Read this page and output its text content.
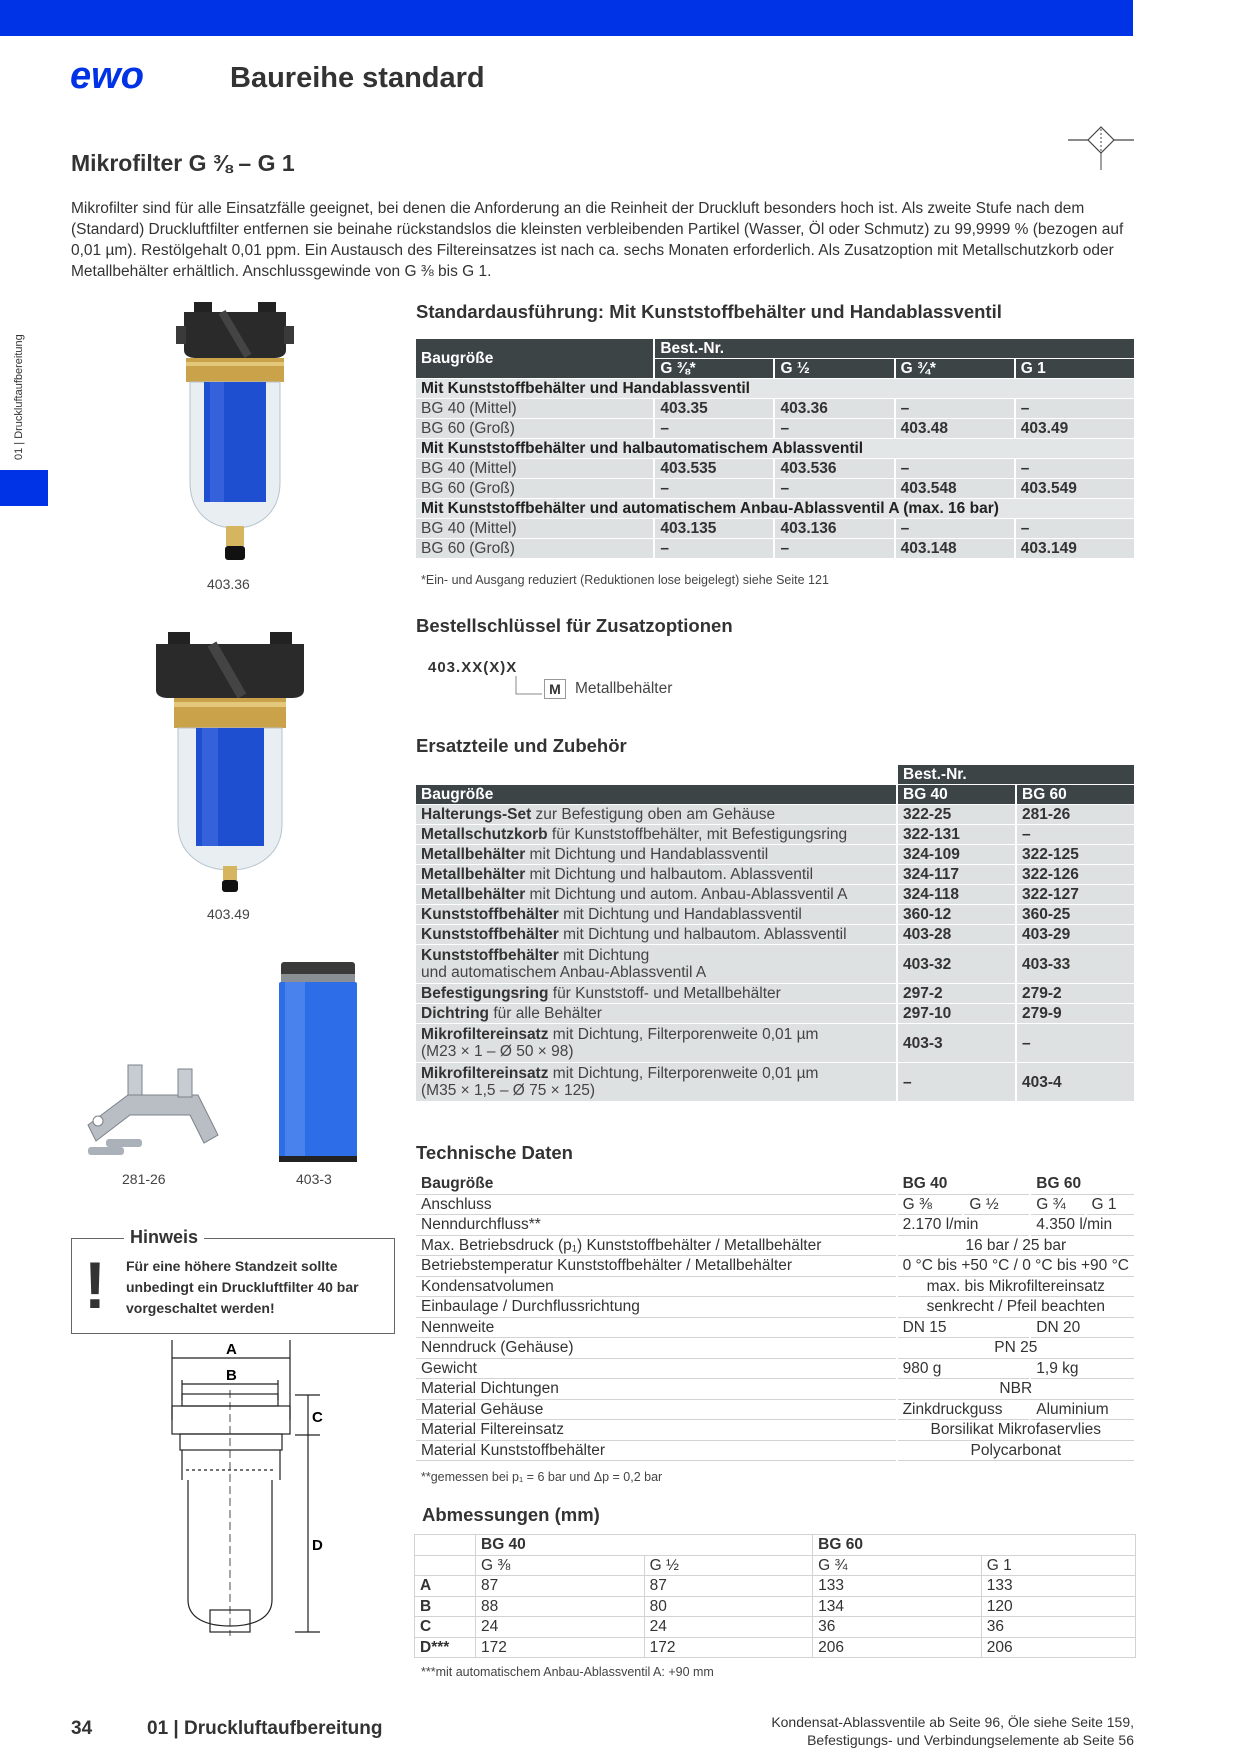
ewo	Baureihe standard
01 | Druckluftaufbereitung
Mikrofilter G ⅜ – G 1
Mikrofilter sind für alle Einsatzfälle geeignet, bei denen die Anforderung an die Reinheit der Druckluft besonders hoch ist. Als zweite Stufe nach dem (Standard) Druckluftfilter entfernen sie beinahe rückstandslos die kleinsten verbleibenden Partikel (Wasser, Öl oder Schmutz) zu 99,9999 % (bezogen auf 0,01 µm). Restölgehalt 0,01 ppm. Ein Austausch des Filtereinsatzes ist nach ca. sechs Monaten erforderlich. Als Zusatzoption mit Metallschutzkorb oder Metallbehälter erhältlich. Anschlussgewinde von G ⅜ bis G 1.
403.36
403.49
281-26	403-3
Hinweis
! Für eine höhere Standzeit sollte unbedingt ein Druckluftfilter 40 bar vorgeschaltet werden!
A
B
C
D
Standardausführung: Mit Kunststoffbehälter und Handablassventil
Baugröße	Best.-Nr.			
	G ⅜*	G ½	G ¾*	G 1
Mit Kunststoffbehälter und Handablassventil				
BG 40 (Mittel)	403.35	403.36	–	–
BG 60 (Groß)	–	–	403.48	403.49
Mit Kunststoffbehälter und halbautomatischem Ablassventil				
BG 40 (Mittel)	403.535	403.536	–	–
BG 60 (Groß)	–	–	403.548	403.549
Mit Kunststoffbehälter und automatischem Anbau-Ablassventil A (max. 16 bar)				
BG 40 (Mittel)	403.135	403.136	–	–
BG 60 (Groß)	–	–	403.148	403.149
*Ein- und Ausgang reduziert (Reduktionen lose beigelegt) siehe Seite 121
Bestellschlüssel für Zusatzoptionen
403.XX(X)X
M Metallbehälter
Ersatzteile und Zubehör
	Best.-Nr.	
Baugröße	BG 40	BG 60
Halterungs-Set zur Befestigung oben am Gehäuse	322-25	281-26
Metallschutzkorb für Kunststoffbehälter, mit Befestigungsring	322-131	–
Metallbehälter mit Dichtung und Handablassventil	324-109	322-125
Metallbehälter mit Dichtung und halbautom. Ablassventil	324-117	322-126
Metallbehälter mit Dichtung und autom. Anbau-Ablassventil A	324-118	322-127
Kunststoffbehälter mit Dichtung und Handablassventil	360-12	360-25
Kunststoffbehälter mit Dichtung und halbautom. Ablassventil	403-28	403-29
Kunststoffbehälter mit Dichtung
und automatischem Anbau-Ablassventil A	403-32	403-33
Befestigungsring für Kunststoff- und Metallbehälter	297-2	279-2
Dichtring für alle Behälter	297-10	279-9
Mikrofiltereinsatz mit Dichtung, Filterporenweite 0,01 µm
(M23 × 1 – Ø 50 × 98)	403-3	–
Mikrofiltereinsatz mit Dichtung, Filterporenweite 0,01 µm
(M35 × 1,5 – Ø 75 × 125)	–	403-4
Technische Daten
Baugröße	BG 40		BG 60	
Anschluss	G ⅜	G ½	G ¾	G 1
Nenndurchfluss**	2.170 l/min		4.350 l/min	
Max. Betriebsdruck (p₁) Kunststoffbehälter / Metallbehälter	16 bar / 25 bar			
Betriebstemperatur Kunststoffbehälter / Metallbehälter	0 °C bis +50 °C / 0 °C bis +90 °C			
Kondensatvolumen	max. bis Mikrofiltereinsatz			
Einbaulage / Durchflussrichtung	senkrecht / Pfeil beachten			
Nennweite	DN 15		DN 20	
Nenndruck (Gehäuse)	PN 25			
Gewicht	980 g		1,9 kg	
Material Dichtungen	NBR			
Material Gehäuse	Zinkdruckguss		Aluminium	
Material Filtereinsatz	Borsilikat Mikrofaservlies			
Material Kunststoffbehälter	Polycarbonat			
**gemessen bei p₁ = 6 bar und Δp = 0,2 bar
Abmessungen (mm)
	BG 40		BG 60	
	G ⅜	G ½	G ¾	G 1
A	87	87	133	133
B	88	80	134	120
C	24	24	36	36
D***	172	172	206	206
***mit automatischem Anbau-Ablassventil A: +90 mm
34	01 | Druckluftaufbereitung	Kondensat-Ablassventile ab Seite 96, Öle siehe Seite 159,
Befestigungs- und Verbindungselemente ab Seite 56
